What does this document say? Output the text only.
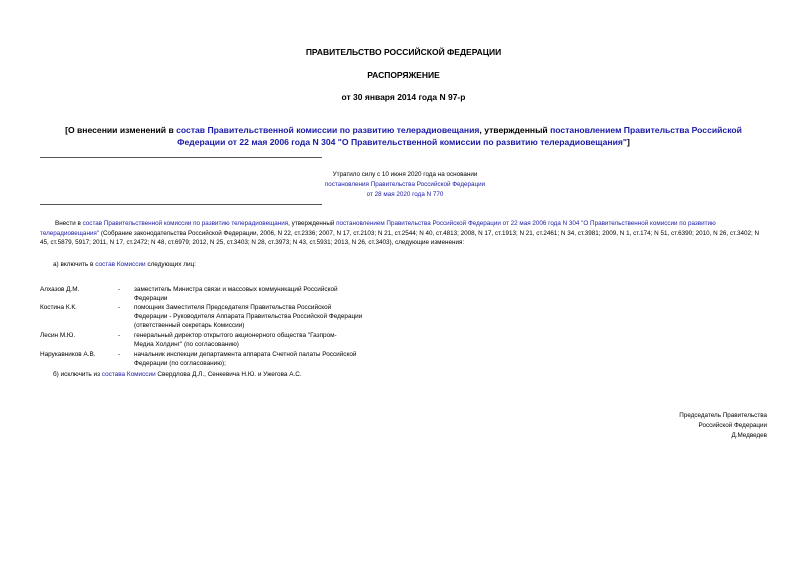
ПРАВИТЕЛЬСТВО РОССИЙСКОЙ ФЕДЕРАЦИИ
РАСПОРЯЖЕНИЕ
от 30 января 2014 года N 97-р
[О внесении изменений в состав Правительственной комиссии по развитию телерадиовещания, утвержденный постановлением Правительства Российской Федерации от 22 мая 2006 года N 304 "О Правительственной комиссии по развитию телерадиовещания"]
Утратило силу с 10 июня 2020 года на основании
постановления Правительства Российской Федерации
от 28 мая 2020 года N 770
Внести в состав Правительственной комиссии по развитию телерадиовещания, утвержденный постановлением Правительства Российской Федерации от 22 мая 2006 года N 304 "О Правительственной комиссии по развитию телерадиовещания" (Собрание законодательства Российской Федерации, 2006, N 22, ст.2336; 2007, N 17, ст.2103; N 21, ст.2544; N 40, ст.4813; 2008, N 17, ст.1913; N 21, ст.2461; N 34, ст.3981; 2009, N 1, ст.174; N 51, ст.6390; 2010, N 26, ст.3402; N 45, ст.5879, 5917; 2011, N 17, ст.2472; N 48, ст.6979; 2012, N 25, ст.3403; N 28, ст.3973; N 43, ст.5931; 2013, N 26, ст.3403), следующие изменения:
а) включить в состав Комиссии следующих лиц:
Алхазов Д.М.	- заместитель Министра связи и массовых коммуникаций Российской Федерации
Костина К.К.	- помощник Заместителя Председателя Правительства Российской Федерации - Руководителя Аппарата Правительства Российской Федерации (ответственный секретарь Комиссии)
Лесин М.Ю.	- генеральный директор открытого акционерного общества "Газпром-Медиа Холдинг" (по согласованию)
Нарукавников А.В.	- начальник инспекции департамента аппарата Счетной палаты Российской Федерации (по согласованию);
б) исключить из состава Комиссии Свердлова Д.Л., Сенкевича Н.Ю. и Ужегова А.С.
Председатель Правительства
Российской Федерации
Д.Медведев
